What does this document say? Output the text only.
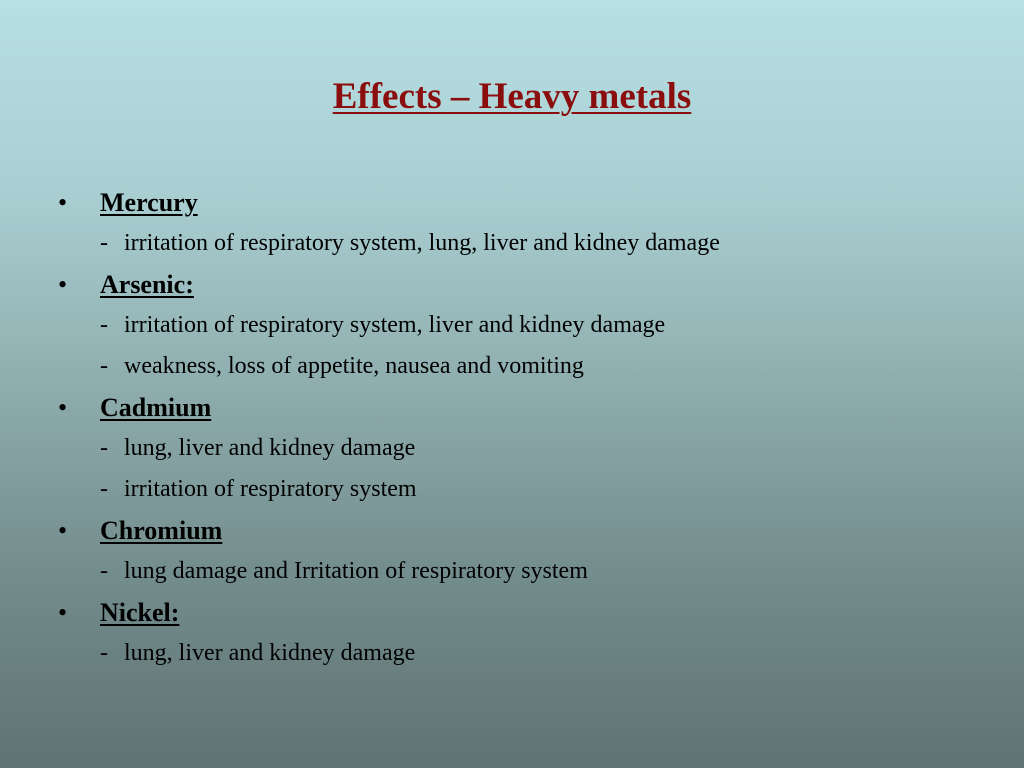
Effects – Heavy metals
•	Mercury
- irritation of respiratory system, lung, liver and kidney damage
•	Arsenic:
- irritation of respiratory system, liver and kidney damage
- weakness, loss of appetite, nausea and vomiting
•	Cadmium
- lung, liver and kidney damage
- irritation of respiratory system
•	Chromium
- lung damage and Irritation of respiratory system
•	Nickel:
- lung, liver and kidney damage
